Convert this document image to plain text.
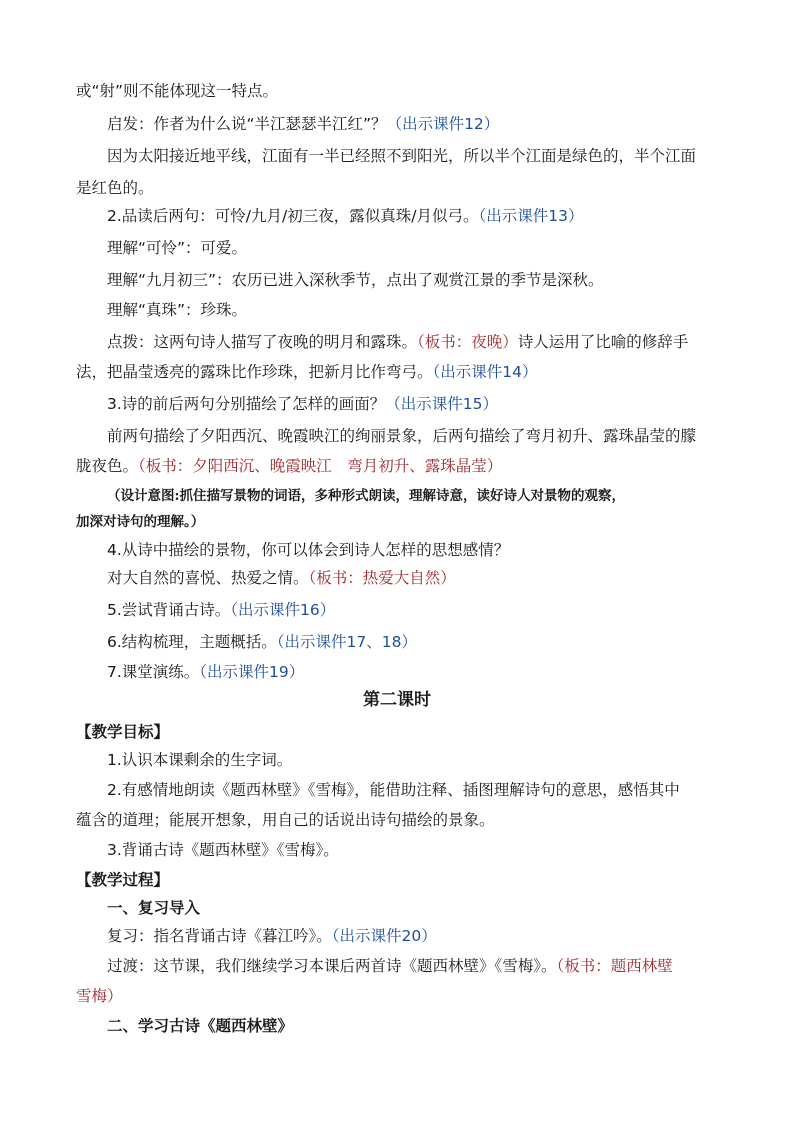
或“射”则不能体现这一特点。
启发：作者为什么说“半江瑟瑟半江红”？（出示课件12）
因为太阳接近地平线，江面有一半已经照不到阳光，所以半个江面是绿色的，半个江面
是红色的。
2.品读后两句：可怜/九月/初三夜，露似真珠/月似弓。（出示课件13）
理解“可怜”：可爱。
理解“九月初三”：农历已进入深秋季节，点出了观赏江景的季节是深秋。
理解“真珠”：珍珠。
点拨：这两句诗人描写了夜晚的明月和露珠。（板书：夜晚）诗人运用了比喻的修辞手
法，把晶莹透亮的露珠比作珍珠，把新月比作弯弓。（出示课件14）
3.诗的前后两句分别描绘了怎样的画面？（出示课件15）
前两句描绘了夕阳西沉、晚霞映江的绚丽景象，后两句描绘了弯月初升、露珠晶莹的朦
胧夜色。（板书：夕阳西沉、晚霞映江　弯月初升、露珠晶莹）
（设计意图:抓住描写景物的词语，多种形式朗读，理解诗意，读好诗人对景物的观察，
加深对诗句的理解。）
4.从诗中描绘的景物，你可以体会到诗人怎样的思想感情？
对大自然的喜悦、热爱之情。（板书：热爱大自然）
5.尝试背诵古诗。（出示课件16）
6.结构梳理，主题概括。（出示课件17、18）
7.课堂演练。（出示课件19）
第二课时
【教学目标】
1.认识本课剩余的生字词。
2.有感情地朗读《题西林壁》《雪梅》，能借助注释、插图理解诗句的意思，感悟其中
蕴含的道理；能展开想象，用自己的话说出诗句描绘的景象。
3.背诵古诗《题西林壁》《雪梅》。
【教学过程】
一、复习导入
复习：指名背诵古诗《暮江吟》。（出示课件20）
过渡：这节课，我们继续学习本课后两首诗《题西林壁》《雪梅》。（板书：题西林壁
雪梅）
二、学习古诗《题西林壁》
